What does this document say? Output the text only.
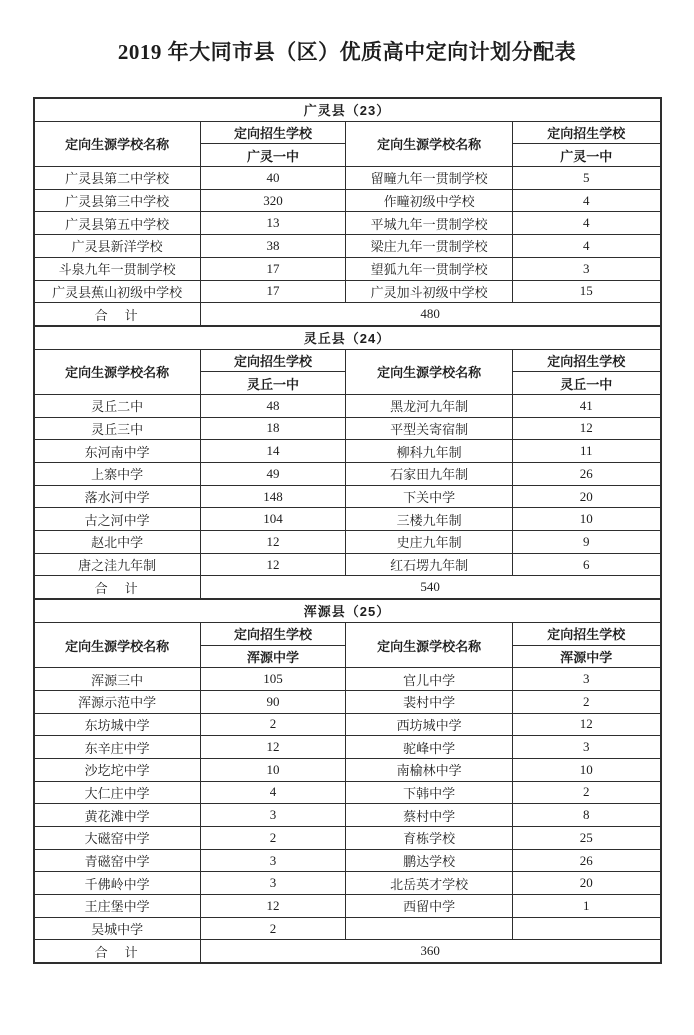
2019 年大同市县（区）优质高中定向计划分配表
广灵县（23）			
定向生源学校名称	定向招生学校	定向生源学校名称	定向招生学校
	广灵一中		广灵一中
广灵县第二中学校	40	留疃九年一贯制学校	5
广灵县第三中学校	320	作疃初级中学校	4
广灵县第五中学校	13	平城九年一贯制学校	4
广灵县新洋学校	38	梁庄九年一贯制学校	4
斗泉九年一贯制学校	17	望狐九年一贯制学校	3
广灵县蕉山初级中学校	17	广灵加斗初级中学校	15
合　计	480		
灵丘县（24）			
定向生源学校名称	定向招生学校	定向生源学校名称	定向招生学校
	灵丘一中		灵丘一中
灵丘二中	48	黑龙河九年制	41
灵丘三中	18	平型关寄宿制	12
东河南中学	14	柳科九年制	11
上寨中学	49	石家田九年制	26
落水河中学	148	下关中学	20
古之河中学	104	三楼九年制	10
赵北中学	12	史庄九年制	9
唐之洼九年制	12	红石塄九年制	6
合　计	540		
浑源县（25）			
定向生源学校名称	定向招生学校	定向生源学校名称	定向招生学校
	浑源中学		浑源中学
浑源三中	105	官儿中学	3
浑源示范中学	90	裴村中学	2
东坊城中学	2	西坊城中学	12
东辛庄中学	12	驼峰中学	3
沙圪坨中学	10	南榆林中学	10
大仁庄中学	4	下韩中学	2
黄花滩中学	3	蔡村中学	8
大磁窑中学	2	育栋学校	25
青磁窑中学	3	鹏达学校	26
千佛岭中学	3	北岳英才学校	20
王庄堡中学	12	西留中学	1
吴城中学	2		
合　计	360		
